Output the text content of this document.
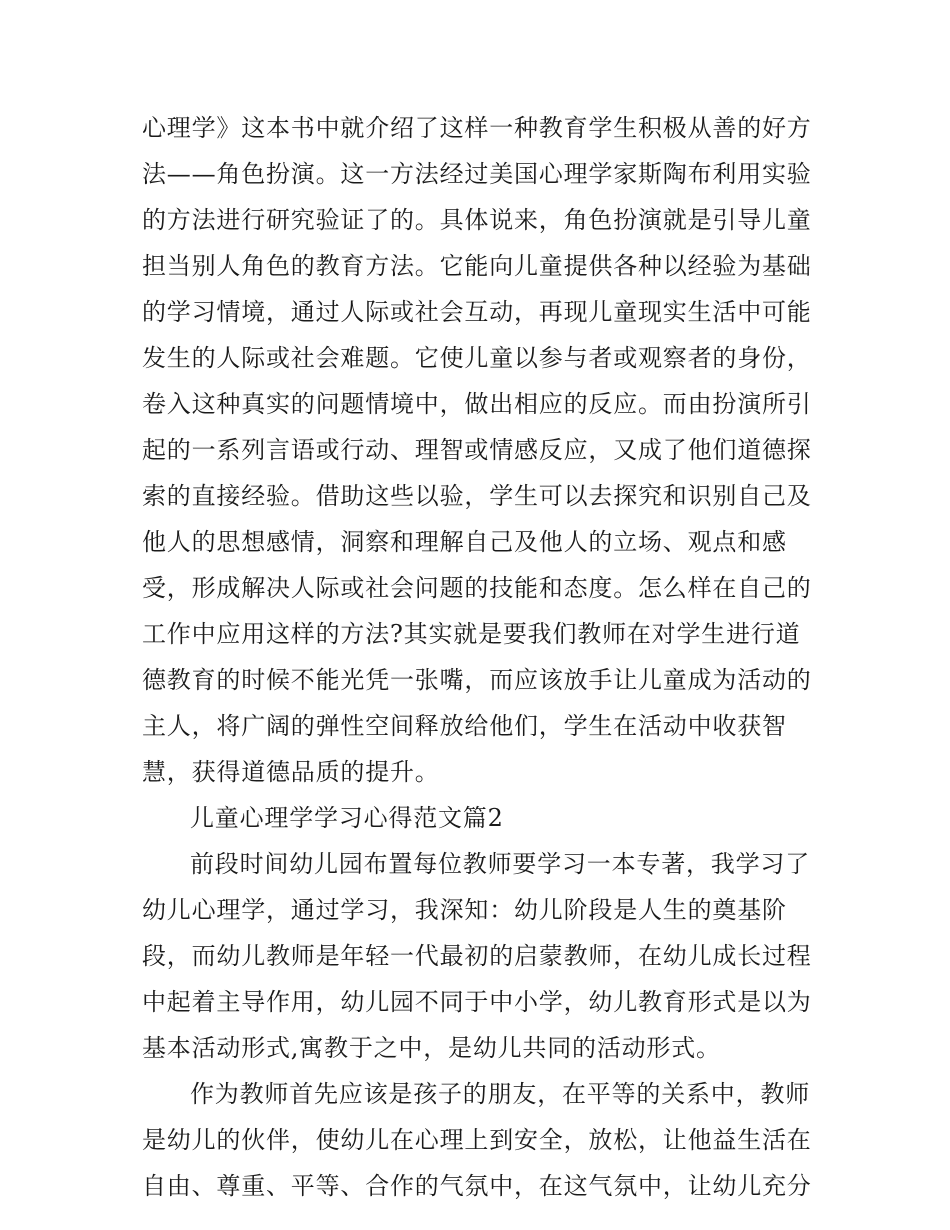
心理学》这本书中就介绍了这样一种教育学生积极从善的好方
法——角色扮演。这一方法经过美国心理学家斯陶布利用实验
的方法进行研究验证了的。具体说来，角色扮演就是引导儿童
担当别人角色的教育方法。它能向儿童提供各种以经验为基础
的学习情境，通过人际或社会互动，再现儿童现实生活中可能
发生的人际或社会难题。它使儿童以参与者或观察者的身份，
卷入这种真实的问题情境中，做出相应的反应。而由扮演所引
起的一系列言语或行动、理智或情感反应，又成了他们道德探
索的直接经验。借助这些以验，学生可以去探究和识别自己及
他人的思想感情，洞察和理解自己及他人的立场、观点和感
受，形成解决人际或社会问题的技能和态度。怎么样在自己的
工作中应用这样的方法?其实就是要我们教师在对学生进行道
德教育的时候不能光凭一张嘴，而应该放手让儿童成为活动的
主人，将广阔的弹性空间释放给他们，学生在活动中收获智
慧，获得道德品质的提升。
儿童心理学学习心得范文篇2
前段时间幼儿园布置每位教师要学习一本专著，我学习了
幼儿心理学，通过学习，我深知：幼儿阶段是人生的奠基阶
段，而幼儿教师是年轻一代最初的启蒙教师，在幼儿成长过程
中起着主导作用，幼儿园不同于中小学，幼儿教育形式是以为
基本活动形式,寓教于之中，是幼儿共同的活动形式。
作为教师首先应该是孩子的朋友，在平等的关系中，教师
是幼儿的伙伴，使幼儿在心理上到安全，放松，让他益生活在
自由、尊重、平等、合作的气氛中，在这气氛中，让幼儿充分
